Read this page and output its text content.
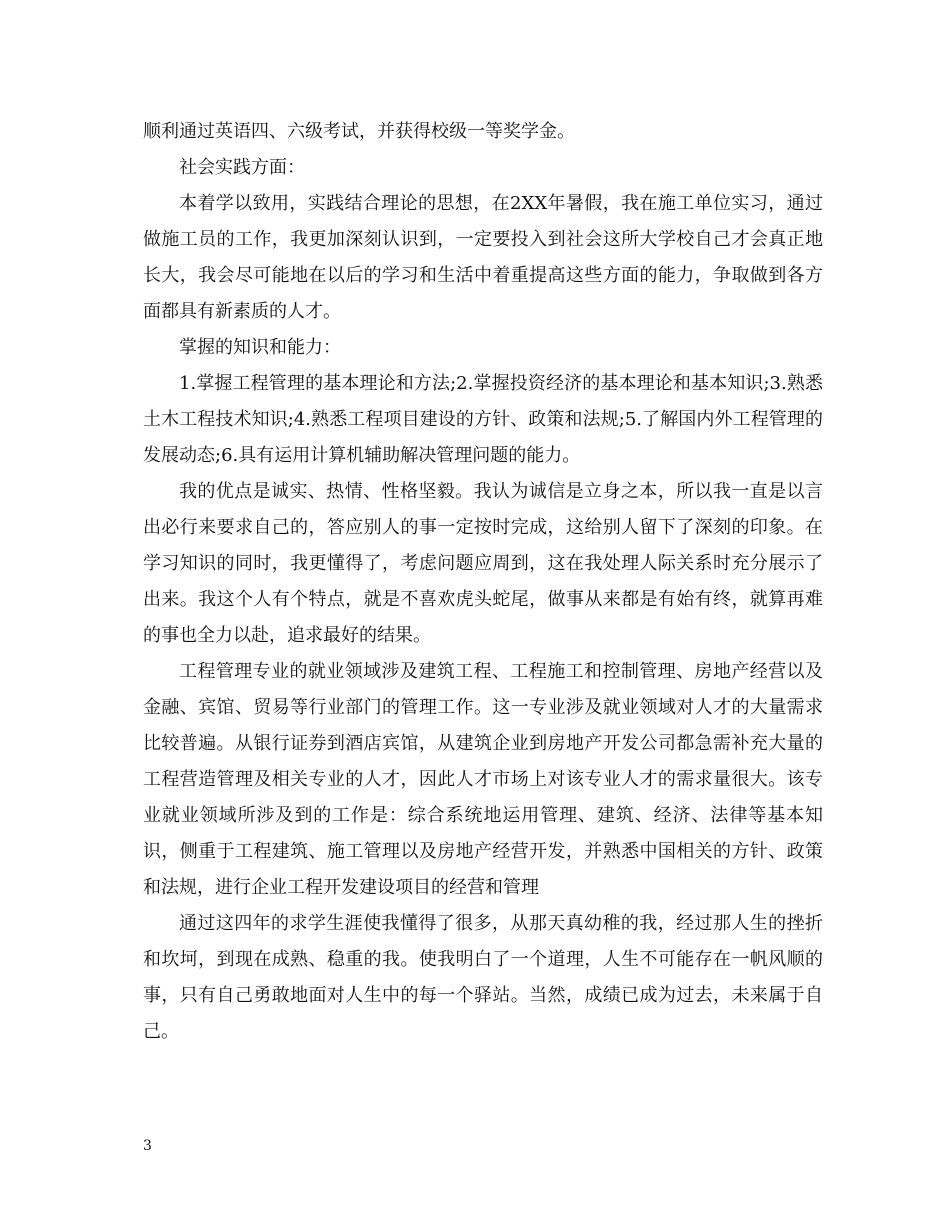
顺利通过英语四、六级考试，并获得校级一等奖学金。

社会实践方面：

本着学以致用，实践结合理论的思想，在2XX年暑假，我在施工单位实习，通过做施工员的工作，我更加深刻认识到，一定要投入到社会这所大学校自己才会真正地长大，我会尽可能地在以后的学习和生活中着重提高这些方面的能力，争取做到各方面都具有新素质的人才。

掌握的知识和能力：

1.掌握工程管理的基本理论和方法;2.掌握投资经济的基本理论和基本知识;3.熟悉土木工程技术知识;4.熟悉工程项目建设的方针、政策和法规;5.了解国内外工程管理的发展动态;6.具有运用计算机辅助解决管理问题的能力。

我的优点是诚实、热情、性格坚毅。我认为诚信是立身之本，所以我一直是以言出必行来要求自己的，答应别人的事一定按时完成，这给别人留下了深刻的印象。在学习知识的同时，我更懂得了，考虑问题应周到，这在我处理人际关系时充分展示了出来。我这个人有个特点，就是不喜欢虎头蛇尾，做事从来都是有始有终，就算再难的事也全力以赴，追求最好的结果。

工程管理专业的就业领域涉及建筑工程、工程施工和控制管理、房地产经营以及金融、宾馆、贸易等行业部门的管理工作。这一专业涉及就业领域对人才的大量需求比较普遍。从银行证券到酒店宾馆，从建筑企业到房地产开发公司都急需补充大量的工程营造管理及相关专业的人才，因此人才市场上对该专业人才的需求量很大。该专业就业领域所涉及到的工作是：综合系统地运用管理、建筑、经济、法律等基本知识，侧重于工程建筑、施工管理以及房地产经营开发，并熟悉中国相关的方针、政策和法规，进行企业工程开发建设项目的经营和管理

通过这四年的求学生涯使我懂得了很多，从那天真幼稚的我，经过那人生的挫折和坎坷，到现在成熟、稳重的我。使我明白了一个道理，人生不可能存在一帆风顺的事，只有自己勇敢地面对人生中的每一个驿站。当然，成绩已成为过去，未来属于自己。

3
